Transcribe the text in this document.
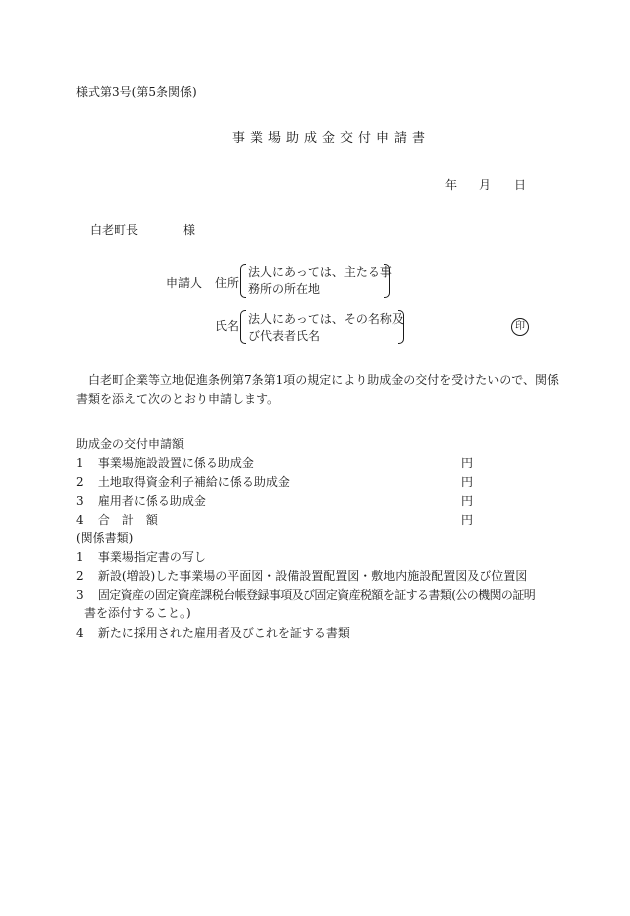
様式第3号(第5条関係)
事業場助成金交付申請書
年 月 日
白老町長	様
申請人 住所
法人にあっては、主たる事
務所の所在地
氏名 法人にあっては、その名称及
び代表者氏名
印
白老町企業等立地促進条例第7条第1項の規定により助成金の交付を受けたいので、関係
書類を添えて次のとおり申請します。
助成金の交付申請額
1 事業場施設設置に係る助成金	円
2 土地取得資金利子補給に係る助成金	円
3 雇用者に係る助成金	円
4 合　計　額	円
(関係書類)
1 事業場指定書の写し
2 新設(増設)した事業場の平面図・設備設置配置図・敷地内施設配置図及び位置図
3 固定資産の固定資産課税台帳登録事項及び固定資産税額を証する書類(公の機関の証明
書を添付すること。)
4 新たに採用された雇用者及びこれを証する書類
